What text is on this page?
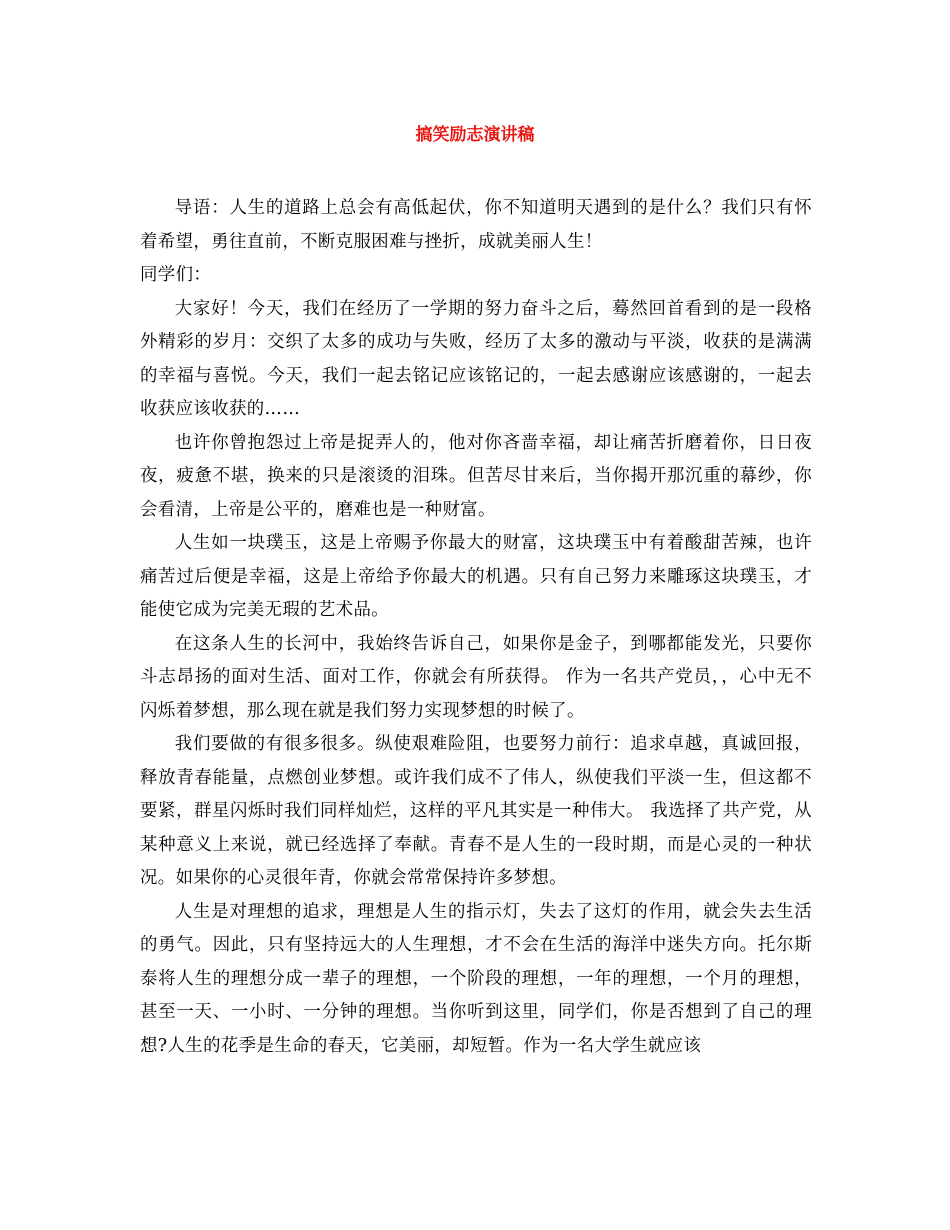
搞笑励志演讲稿

导语：人生的道路上总会有高低起伏，你不知道明天遇到的是什么？我们只有怀着希望，勇往直前，不断克服困难与挫折，成就美丽人生！

同学们：

大家好！今天，我们在经历了一学期的努力奋斗之后，蓦然回首看到的是一段格外精彩的岁月：交织了太多的成功与失败，经历了太多的激动与平淡，收获的是满满的幸福与喜悦。今天，我们一起去铭记应该铭记的，一起去感谢应该感谢的，一起去收获应该收获的……

也许你曾抱怨过上帝是捉弄人的，他对你吝啬幸福，却让痛苦折磨着你，日日夜夜，疲惫不堪，换来的只是滚烫的泪珠。但苦尽甘来后，当你揭开那沉重的幕纱，你会看清，上帝是公平的，磨难也是一种财富。

人生如一块璞玉，这是上帝赐予你最大的财富，这块璞玉中有着酸甜苦辣，也许痛苦过后便是幸福，这是上帝给予你最大的机遇。只有自己努力来雕琢这块璞玉，才能使它成为完美无瑕的艺术品。

在这条人生的长河中，我始终告诉自己，如果你是金子，到哪都能发光，只要你斗志昂扬的面对生活、面对工作，你就会有所获得。 作为一名共产党员，，心中无不闪烁着梦想，那么现在就是我们努力实现梦想的时候了。

我们要做的有很多很多。纵使艰难险阻，也要努力前行：追求卓越，真诚回报，释放青春能量，点燃创业梦想。或许我们成不了伟人，纵使我们平淡一生，但这都不要紧，群星闪烁时我们同样灿烂，这样的平凡其实是一种伟大。 我选择了共产党，从某种意义上来说，就已经选择了奉献。青春不是人生的一段时期，而是心灵的一种状况。如果你的心灵很年青，你就会常常保持许多梦想。

人生是对理想的追求，理想是人生的指示灯，失去了这灯的作用，就会失去生活的勇气。因此，只有坚持远大的人生理想，才不会在生活的海洋中迷失方向。托尔斯泰将人生的理想分成一辈子的理想，一个阶段的理想，一年的理想，一个月的理想，甚至一天、一小时、一分钟的理想。当你听到这里，同学们，你是否想到了自己的理想?人生的花季是生命的春天，它美丽，却短暂。作为一名大学生就应该
